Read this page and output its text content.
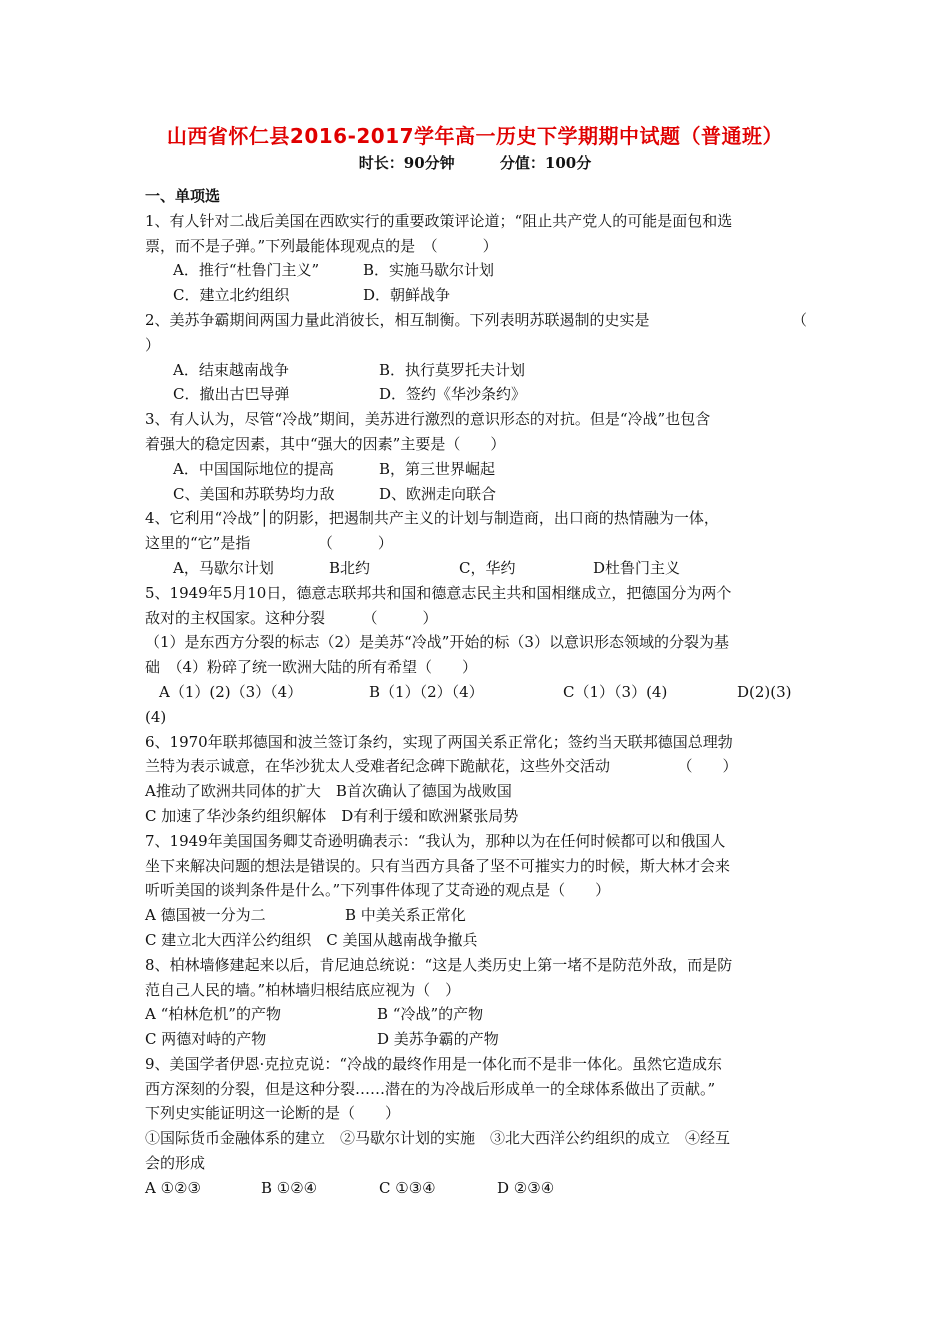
山西省怀仁县2016-2017学年高一历史下学期期中试题（普通班）
时长：90分钟	分值：100分
一、单项选
1、有人针对二战后美国在西欧实行的重要政策评论道；“阻止共产党人的可能是面包和选
票，而不是子弹。”下列最能体现观点的是　（　　　）
A．推行“杜鲁门主义”	B．实施马歇尔计划
C．建立北约组织	D．朝鲜战争
2、美苏争霸期间两国力量此消彼长，相互制衡。下列表明苏联遏制的史实是	（
）
A．结束越南战争	B．执行莫罗托夫计划
C．撤出古巴导弹	D．签约《华沙条约》
3、有人认为，尽管“冷战”期间，美苏进行激烈的意识形态的对抗。但是“冷战”也包含
着强大的稳定因素，其中“强大的因素”主要是（　　）
A．中国国际地位的提高	B，第三世界崛起
C、美国和苏联势均力敌	D、欧洲走向联合
4、它利用“冷战”│的阴影，把遏制共产主义的计划与制造商，出口商的热情融为一体，
这里的“它”是指　　　　　（　　　）
A，马歇尔计划	B北约	C，华约	D杜鲁门主义
5、1949年5月10日，德意志联邦共和国和德意志民主共和国相继成立，把德国分为两个
敌对的主权国家。这种分裂　　　（　　　）
（1）是东西方分裂的标志（2）是美苏“冷战”开始的标（3）以意识形态领域的分裂为基
础　（4）粉碎了统一欧洲大陆的所有希望（　　）
A（1）(2)（3）（4）	B（1）（2）（4）	C（1）（3）(4)	D(2)(3)
(4)
6、1970年联邦德国和波兰签订条约，实现了两国关系正常化；签约当天联邦德国总理勃
兰特为表示诚意，在华沙犹太人受难者纪念碑下跪献花，这些外交活动　　　　　（　　）
A推动了欧洲共同体的扩大　B首次确认了德国为战败国
C 加速了华沙条约组织解体　D有利于缓和欧洲紧张局势
7、1949年美国国务卿艾奇逊明确表示：“我认为，那种以为在任何时候都可以和俄国人
坐下来解决问题的想法是错误的。只有当西方具备了坚不可摧实力的时候，斯大林才会来
听听美国的谈判条件是什么。”下列事件体现了艾奇逊的观点是（　　）
A 德国被一分为二	B 中美关系正常化
C 建立北大西洋公约组织　C 美国从越南战争撤兵
8、柏林墙修建起来以后，肯尼迪总统说：“这是人类历史上第一堵不是防范外敌，而是防
范自己人民的墙。”柏林墙归根结底应视为（　）
A “柏林危机”的产物	B “冷战”的产物
C 两德对峙的产物	D 美苏争霸的产物
9、美国学者伊恩·克拉克说：“冷战的最终作用是一体化而不是非一体化。虽然它造成东
西方深刻的分裂，但是这种分裂……潜在的为冷战后形成单一的全球体系做出了贡献。”
下列史实能证明这一论断的是（　　）
①国际货币金融体系的建立　②马歇尔计划的实施　③北大西洋公约组织的成立　④经互
会的形成
A ①②③	B ①②④	C ①③④	D ②③④
